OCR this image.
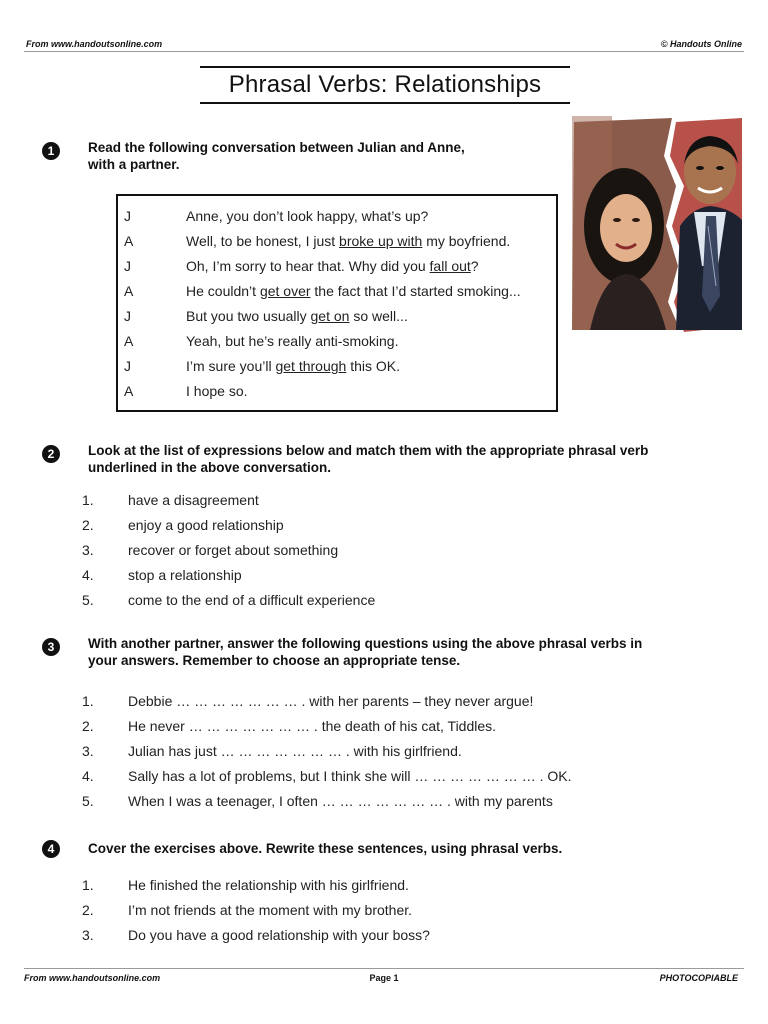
From www.handoutsonline.com	© Handouts Online
Phrasal Verbs: Relationships
1	Read the following conversation between Julian and Anne,
with a partner.
J	Anne, you don’t look happy, what’s up?
A	Well, to be honest, I just broke up with my boyfriend.
J	Oh, I’m sorry to hear that. Why did you fall out?
A	He couldn’t get over the fact that I’d started smoking...
J	But you two usually get on so well...
A	Yeah, but he’s really anti-smoking.
J	I’m sure you’ll get through this OK.
A	I hope so.
2	Look at the list of expressions below and match them with the appropriate phrasal verb
underlined in the above conversation.
1.	have a disagreement
2.	enjoy a good relationship
3.	recover or forget about something
4.	stop a relationship
5.	come to the end of a difficult experience
3	With another partner, answer the following questions using the above phrasal verbs in
your answers. Remember to choose an appropriate tense.
1.	Debbie … … … … … … … . with her parents – they never argue!
2.	He never … … … … … … … . the death of his cat, Tiddles.
3.	Julian has just … … … … … … … . with his girlfriend.
4.	Sally has a lot of problems, but I think she will … … … … … … … . OK.
5.	When I was a teenager, I often … … … … … … … . with my parents
4	Cover the exercises above. Rewrite these sentences, using phrasal verbs.
1.	He finished the relationship with his girlfriend.
2.	I’m not friends at the moment with my brother.
3.	Do you have a good relationship with your boss?
From www.handoutsonline.com	Page 1	PHOTOCOPIABLE
